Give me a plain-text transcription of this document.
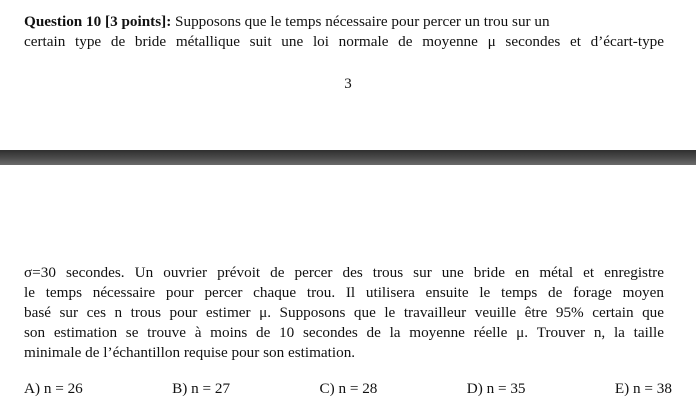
Question 10 [3 points]: Supposons que le temps nécessaire pour percer un trou sur un
certain type de bride métallique suit une loi normale de moyenne μ secondes et d’écart-type
3
σ=30 secondes. Un ouvrier prévoit de percer des trous sur une bride en métal et enregistre
le temps nécessaire pour percer chaque trou. Il utilisera ensuite le temps de forage moyen
basé sur ces n trous pour estimer μ. Supposons que le travailleur veuille être 95% certain que
son estimation se trouve à moins de 10 secondes de la moyenne réelle μ. Trouver n, la taille
minimale de l’échantillon requise pour son estimation.
A) n = 26	B) n = 27	C) n = 28	D) n = 35	E) n = 38
